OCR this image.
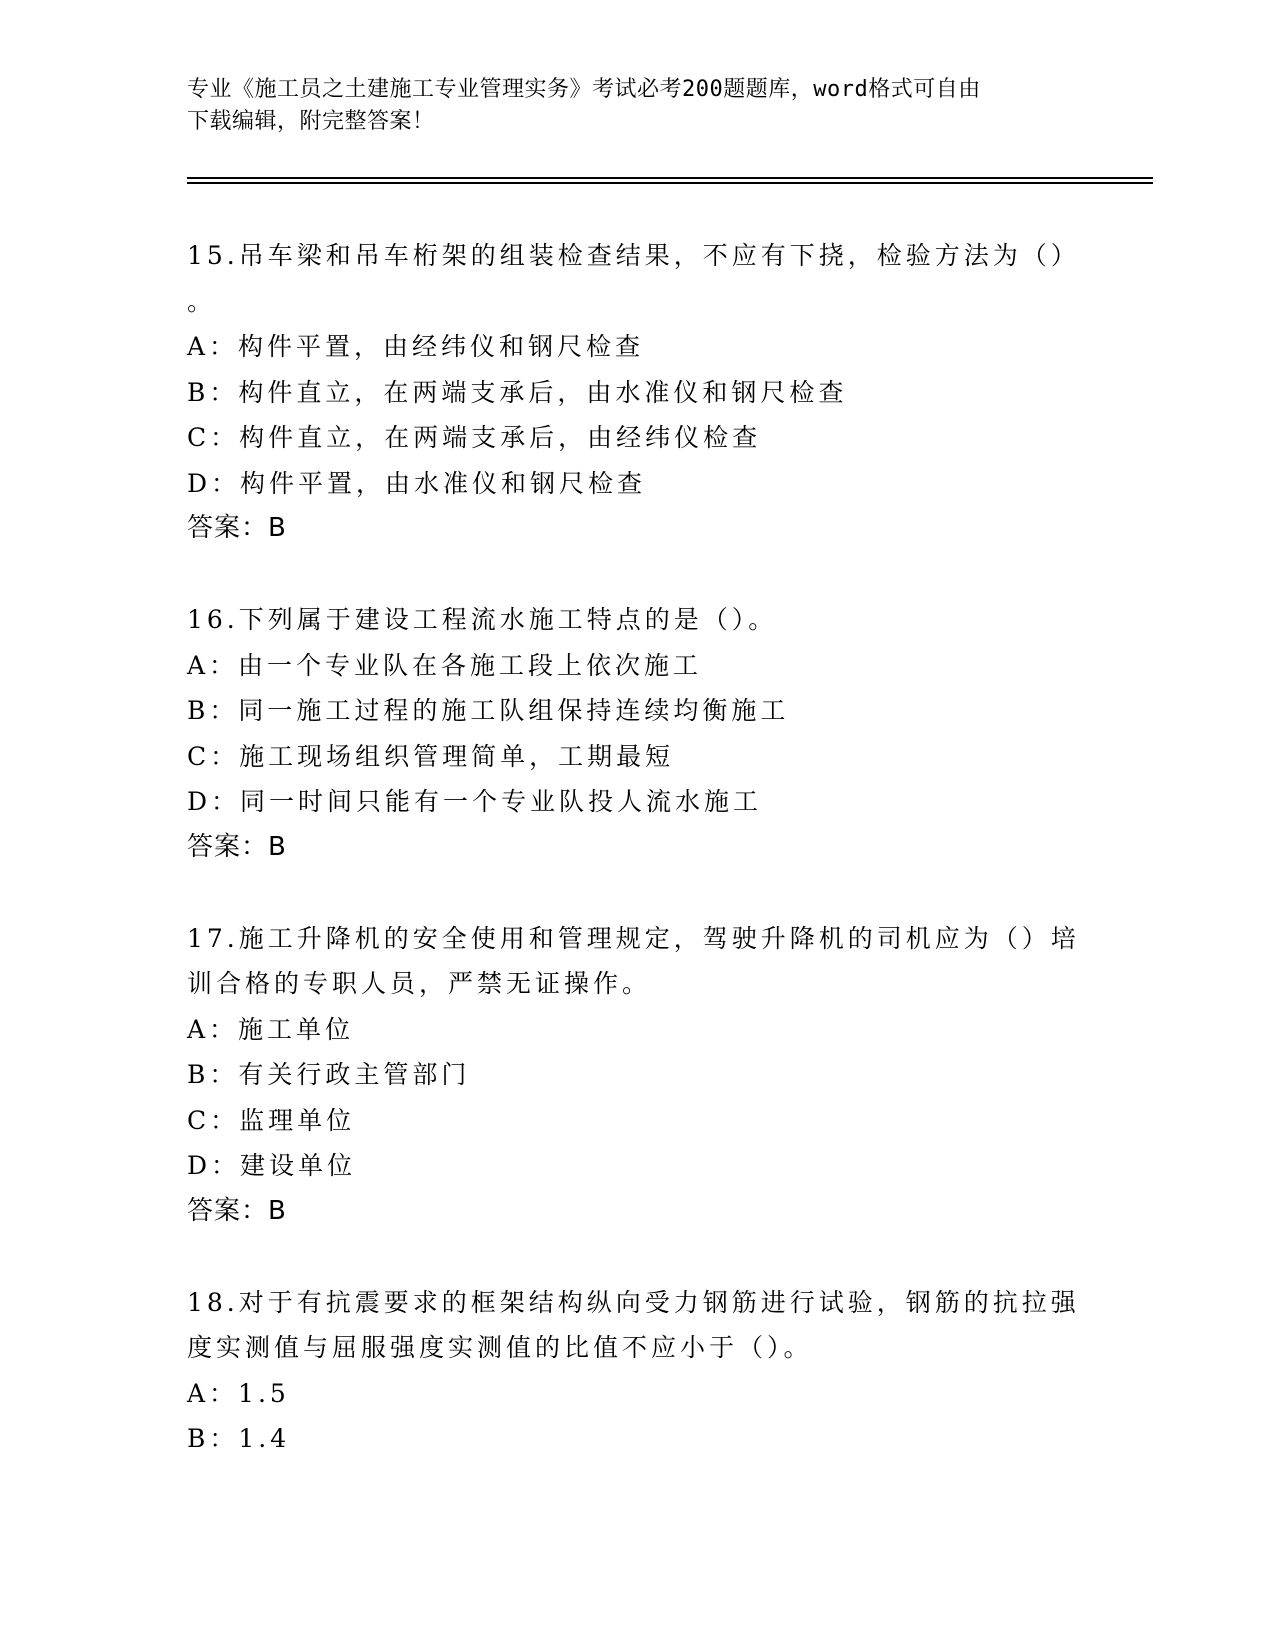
专业《施工员之土建施工专业管理实务》考试必考200题题库，word格式可自由
下载编辑，附完整答案！
15.吊车梁和吊车桁架的组装检查结果，不应有下挠，检验方法为（）
。
A：构件平置，由经纬仪和钢尺检查
B：构件直立，在两端支承后，由水准仪和钢尺检查
C：构件直立，在两端支承后，由经纬仪检查
D：构件平置，由水准仪和钢尺检查
答案：B
16.下列属于建设工程流水施工特点的是（）。
A：由一个专业队在各施工段上依次施工
B：同一施工过程的施工队组保持连续均衡施工
C：施工现场组织管理简单，工期最短
D：同一时间只能有一个专业队投人流水施工
答案：B
17.施工升降机的安全使用和管理规定，驾驶升降机的司机应为（）培
训合格的专职人员，严禁无证操作。
A：施工单位
B：有关行政主管部门
C：监理单位
D：建设单位
答案：B
18.对于有抗震要求的框架结构纵向受力钢筋进行试验，钢筋的抗拉强
度实测值与屈服强度实测值的比值不应小于（）。
A：1.5
B：1.4
